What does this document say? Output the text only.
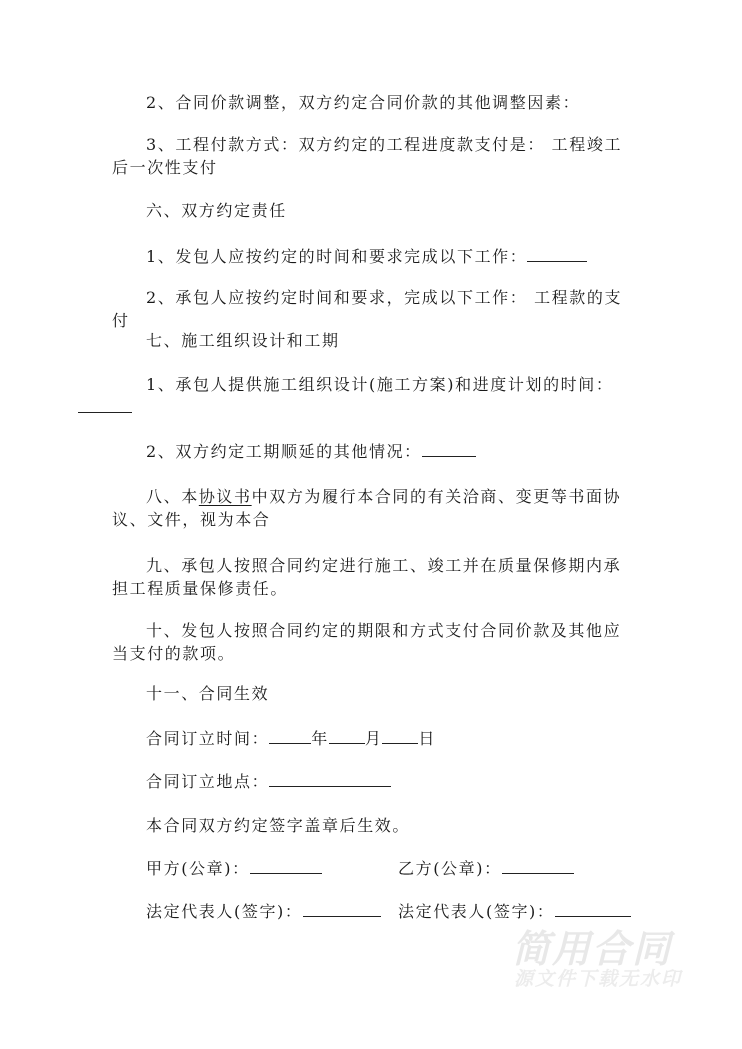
2、合同价款调整，双方约定合同价款的其他调整因素：

3、工程付款方式：双方约定的工程进度款支付是： 工程竣工后一次性支付

六、双方约定责任

1、发包人应按约定的时间和要求完成以下工作：

2、承包人应按约定时间和要求，完成以下工作： 工程款的支付

七、施工组织设计和工期

1、承包人提供施工组织设计(施工方案)和进度计划的时间：

2、双方约定工期顺延的其他情况：

八、本协议书中双方为履行本合同的有关洽商、变更等书面协议、文件，视为本合

九、承包人按照合同约定进行施工、竣工并在质量保修期内承担工程质量保修责任。

十、发包人按照合同约定的期限和方式支付合同价款及其他应当支付的款项。

十一、合同生效

合同订立时间：	年 月 日

合同订立地点：

本合同双方约定签字盖章后生效。

甲方(公章)：	乙方(公章)：

法定代表人(签字)：	法定代表人(签字)：

简用合同
源文件下载无水印
